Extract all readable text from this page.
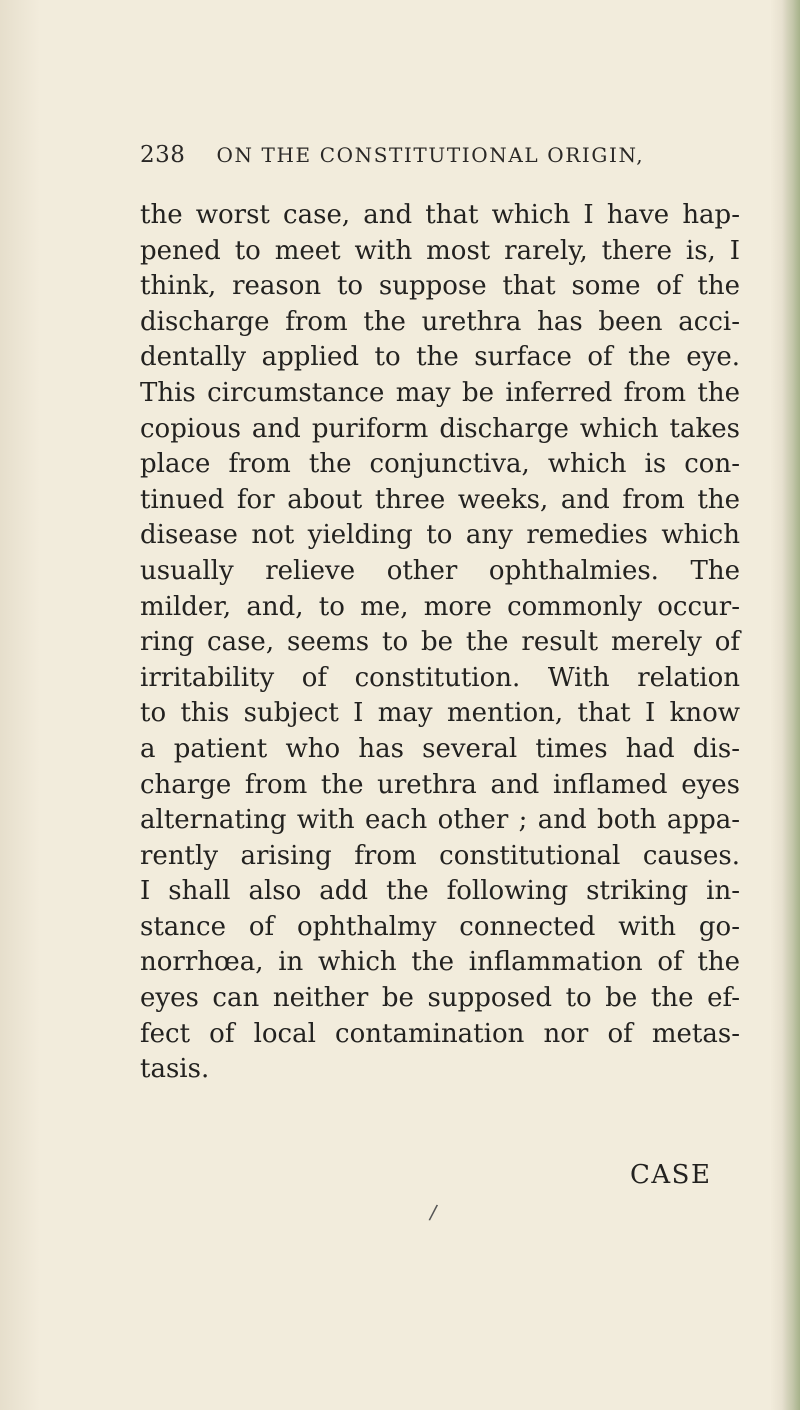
238 ON THE CONSTITUTIONAL ORIGIN,
the worst case, and that which I have hap-
pened to meet with most rarely, there is, I
think, reason to suppose that some of the
discharge from the urethra has been acci-
dentally applied to the surface of the eye.
This circumstance may be inferred from the
copious and puriform discharge which takes
place from the conjunctiva, which is con-
tinued for about three weeks, and from the
disease not yielding to any remedies which
usually relieve other ophthalmies. The
milder, and, to me, more commonly occur-
ring case, seems to be the result merely of
irritability of constitution. With relation
to this subject I may mention, that I know
a patient who has several times had dis-
charge from the urethra and inflamed eyes
alternating with each other ; and both appa-
rently arising from constitutional causes.
I shall also add the following striking in-
stance of ophthalmy connected with go-
norrhœa, in which the inflammation of the
eyes can neither be supposed to be the ef-
fect of local contamination nor of metas-
tasis.
CASE
/
